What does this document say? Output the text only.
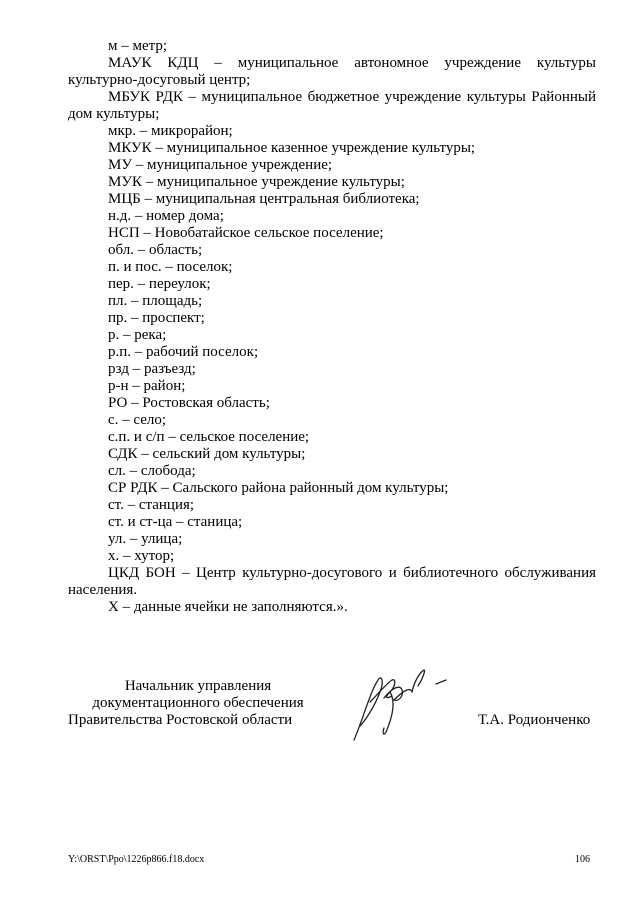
м – метр;

МАУК КДЦ – муниципальное автономное учреждение культуры

культурно-досуговый центр;

МБУК РДК – муниципальное бюджетное учреждение культуры Районный

дом культуры;

мкр. – микрорайон;

МКУК – муниципальное казенное учреждение культуры;

МУ – муниципальное учреждение;

МУК – муниципальное учреждение культуры;

МЦБ – муниципальная центральная библиотека;

н.д. – номер дома;

НСП – Новобатайское сельское поселение;

обл. – область;

п. и пос. – поселок;

пер. – переулок;

пл. – площадь;

пр. – проспект;

р. – река;

р.п. – рабочий поселок;

рзд – разъезд;

р-н – район;

РО – Ростовская область;

с. – село;

с.п. и с/п – сельское поселение;

СДК – сельский дом культуры;

сл. – слобода;

СР РДК – Сальского района районный дом культуры;

ст. – станция;

ст. и ст-ца – станица;

ул. – улица;

х. – хутор;

ЦКД БОН – Центр культурно-досугового и библиотечного обслуживания

населения.

Х – данные ячейки не заполняются.».

Начальник управления
документационного обеспечения
Правительства Ростовской области	Т.А. Родионченко
Y:\ORST\Ppo\1226p866.f18.docx	106
